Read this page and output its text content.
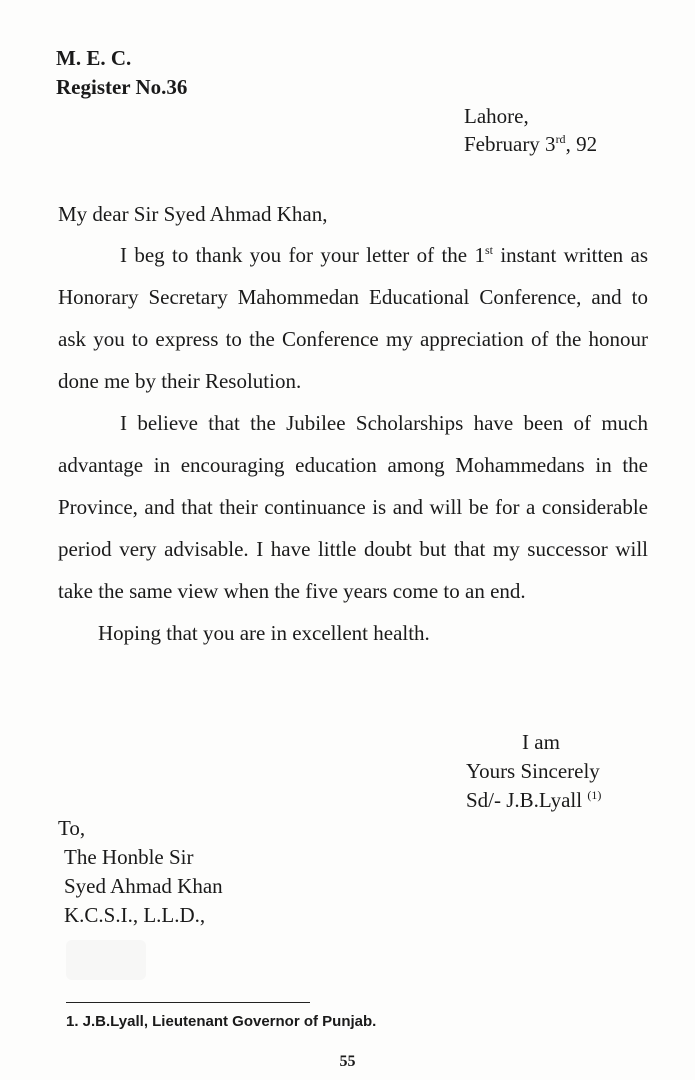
M. E. C.
Register No.36
Lahore,
February 3rd, 92
My dear Sir Syed Ahmad Khan,

I beg to thank you for your letter of the 1st instant written as Honorary Secretary Mahommedan Educational Conference, and to ask you to express to the Conference my appreciation of the honour done me by their Resolution.

I believe that the Jubilee Scholarships have been of much advantage in encouraging education among Mohammedans in the Province, and that their continuance is and will be for a considerable period very advisable. I have little doubt but that my successor will take the same view when the five years come to an end.

Hoping that you are in excellent health.

I am
Yours Sincerely
Sd/- J.B.Lyall $^{(1)}$
To,
The Honble Sir
Syed Ahmad Khan
K.C.S.I., L.L.D.,
1. J.B.Lyall, Lieutenant Governor of Punjab.
55
